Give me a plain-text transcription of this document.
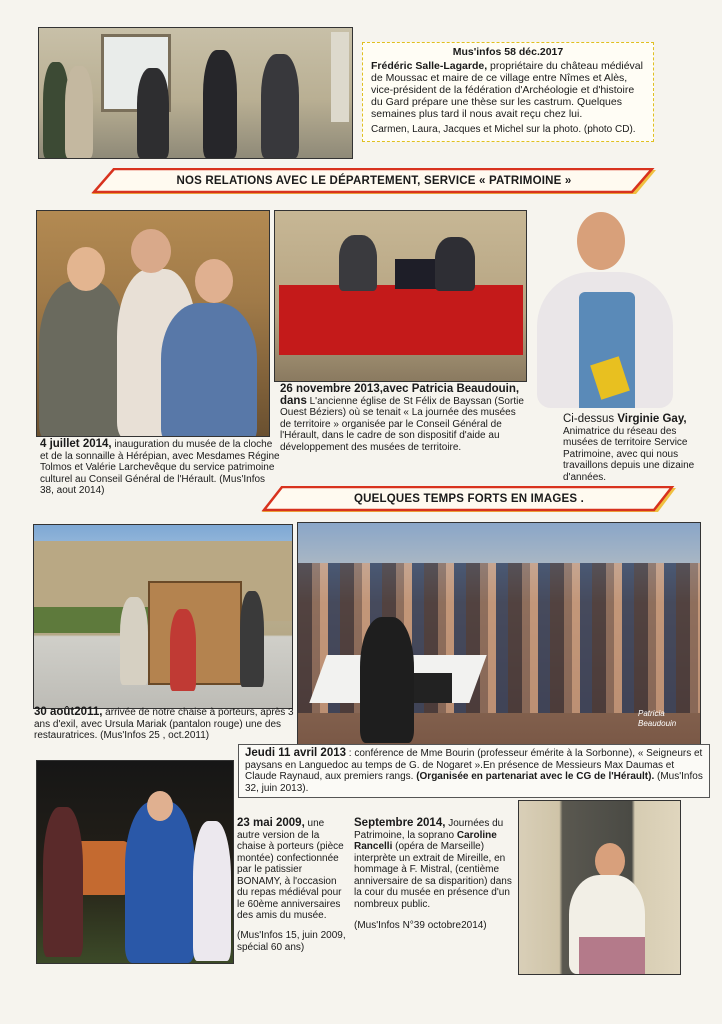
Mus'infos 58 déc.2017
Frédéric Salle-Lagarde, propriétaire du château médiéval de Moussac et maire de ce village entre Nîmes et Alès, vice-président de la fédération d'Archéologie et d'histoire du Gard prépare une thèse sur les castrum. Quelques semaines plus tard il nous avait reçu chez lui.
Carmen, Laura, Jacques et Michel sur la photo. (photo CD).
NOS RELATIONS AVEC LE DÉPARTEMENT, SERVICE « PATRIMOINE »
4 juillet 2014, inauguration du musée de la cloche et de la sonnaille à Hérépian, avec Mesdames Régine Tolmos et Valérie Larchevêque du service patrimoine culturel au Conseil Général de l'Hérault. (Mus'Infos 38, aout 2014)
26 novembre 2013,avec Patricia Beaudouin, dans L'ancienne église de St Félix de Bayssan (Sortie Ouest Béziers) où se tenait « La journée des musées de territoire » organisée par le Conseil Général de l'Hérault, dans le cadre de son dispositif d'aide au développement des musées de territoire.
Ci-dessus Virginie Gay, Animatrice du réseau des musées de territoire Service Patrimoine, avec qui nous travaillons depuis une dizaine d'années.
QUELQUES TEMPS FORTS EN IMAGES .
Patricia Beaudouin
30 août2011, arrivée de notre chaise à porteurs, après 3 ans d'exil, avec Ursula Mariak (pantalon rouge) une des restauratrices. (Mus'Infos 25 , oct.2011)
Jeudi 11 avril 2013 : conférence de Mme Bourin (professeur émérite à la Sorbonne), « Seigneurs et paysans en Languedoc au temps de G. de Nogaret ».En présence de Messieurs Max Daumas et Claude Raynaud, aux premiers rangs. (Organisée en partenariat avec le CG de l'Hérault). (Mus'Infos 32, juin 2013).
23 mai 2009, une autre version de la chaise à porteurs (pièce montée) confectionnée par le patissier BONAMY, à l'occasion du repas médiéval pour le 60ème anniversaires des amis du musée.
(Mus'Infos 15, juin 2009, spécial 60 ans)
Septembre 2014, Journées du Patrimoine, la soprano Caroline Rancelli (opéra de Marseille) interprète un extrait de Mireille, en hommage à F. Mistral, (centième anniversaire de sa disparition) dans la cour du musée en présence d'un nombreux public.
(Mus'Infos N°39 octobre2014)
